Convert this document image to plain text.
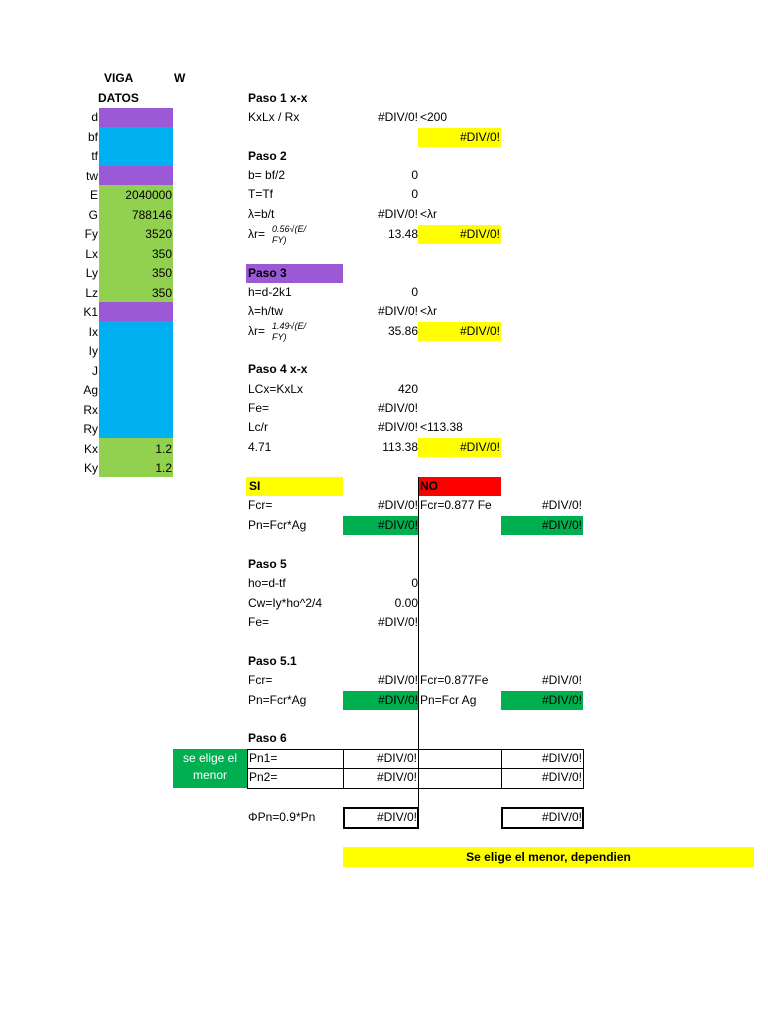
VIGA	W
DATOS
d
bf
tf
tw
E	2040000
G	788146
Fy	3520
Lx	350
Ly	350
Lz	350
K1
Ix
Iy
J
Ag
Rx
Ry
Kx	1.2
Ky	1.2
Paso 1 x-x
KxLx / Rx	#DIV/0! <200
#DIV/0!
Paso 2
b= bf/2	0
T=Tf	0
λ=b/t	#DIV/0! <λr
λr= 0.56√(E/
FY)	13.48	#DIV/0!
Paso 3
h=d-2k1	0
λ=h/tw	#DIV/0! <λr
λr= 1.49√(E/
FY)	35.86	#DIV/0!
Paso 4 x-x
LCx=KxLx	420
Fe=	#DIV/0!
Lc/r	#DIV/0! <113.38
4.71	113.38	#DIV/0!
SI	NO
Fcr=	#DIV/0! Fcr=0.877 Fe	#DIV/0!
Pn=Fcr*Ag	#DIV/0!	#DIV/0!
Paso 5
ho=d-tf	0
Cw=Iy*ho^2/4	0.00
Fe=	#DIV/0!
Paso 5.1
Fcr=	#DIV/0! Fcr=0.877Fe	#DIV/0!
Pn=Fcr*Ag	#DIV/0! Pn=Fcr Ag	#DIV/0!
Paso 6
se elige el
menor
Pn1=	#DIV/0!	#DIV/0!
Pn2=	#DIV/0!	#DIV/0!
ΦPn=0.9*Pn	#DIV/0!	#DIV/0!
Se elige el menor, dependien
